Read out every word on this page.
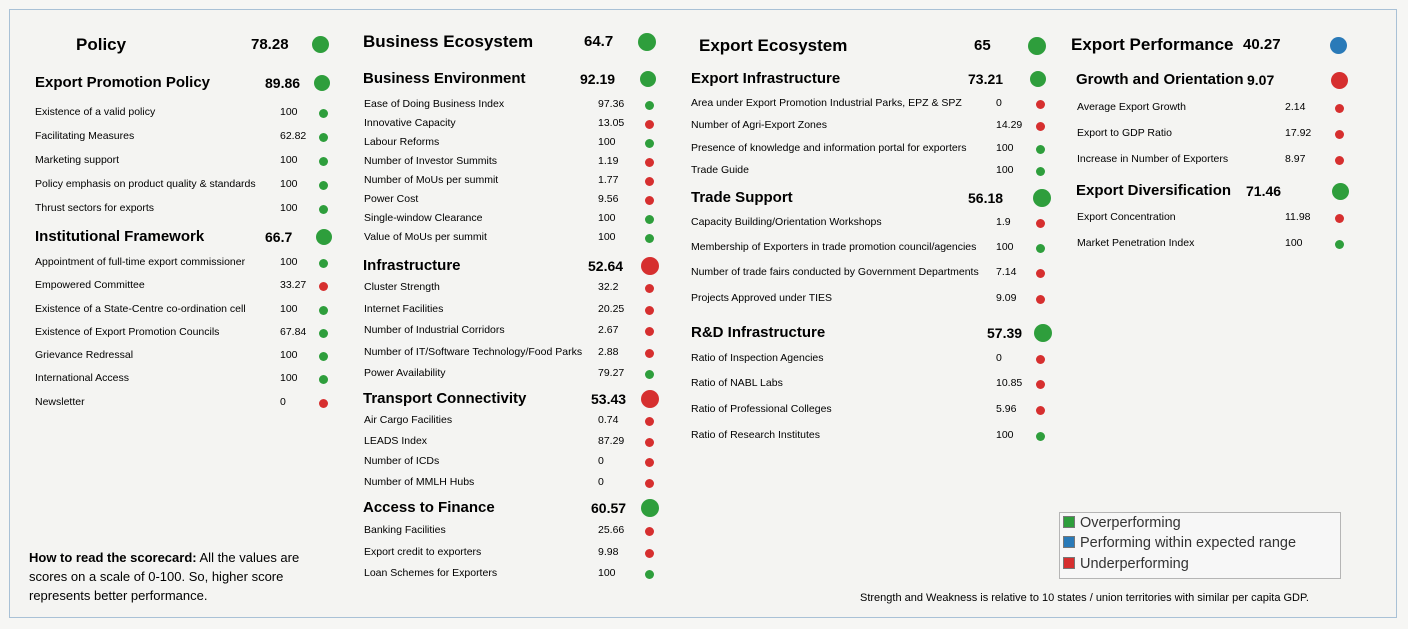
Policy	78.28
Export Promotion Policy	89.86
Existence of a valid policy	100
Facilitating Measures	62.82
Marketing support	100
Policy emphasis on product quality & standards 100
Thrust sectors for exports	100
Institutional Framework	66.7
Appointment of full-time export commissioner	100
Empowered Committee	33.27
Existence of a State-Centre co-ordination cell	100
Existence of Export Promotion Councils	67.84
Grievance Redressal	100
International Access	100
Newsletter	0
Business Ecosystem	64.7
Business Environment	92.19
Ease of Doing Business Index	97.36
Innovative Capacity	13.05
Labour Reforms	100
Number of Investor Summits	1.19
Number of MoUs per summit	1.77
Power Cost	9.56
Single-window Clearance	100
Value of MoUs per summit	100
Infrastructure	52.64
Cluster Strength	32.2
Internet Facilities	20.25
Number of Industrial Corridors	2.67
Number of IT/Software Technology/Food Parks 2.88
Power Availability	79.27
Transport Connectivity	53.43
Air Cargo Facilities	0.74
LEADS Index	87.29
Number of ICDs	0
Number of MMLH Hubs	0
Access to Finance	60.57
Banking Facilities	25.66
Export credit to exporters	9.98
Loan Schemes for Exporters	100
Export Ecosystem	65
Export Infrastructure	73.21
Area under Export Promotion Industrial Parks, EPZ & SPZ	0
Number of Agri-Export Zones	14.29
Presence of knowledge and information portal for exporters	100
Trade Guide	100
Trade Support	56.18
Capacity Building/Orientation Workshops	1.9
Membership of Exporters in trade promotion council/agencies 100
Number of trade fairs conducted by Government Departments 7.14
Projects Approved under TIES	9.09
R&D Infrastructure	57.39
Ratio of Inspection Agencies	0
Ratio of NABL Labs	10.85
Ratio of Professional Colleges	5.96
Ratio of Research Institutes	100
Export Performance 40.27
Growth and Orientation 9.07
Average Export Growth	2.14
Export to GDP Ratio	17.92
Increase in Number of Exporters	8.97
Export Diversification 71.46
Export Concentration	11.98
Market Penetration Index	100
Overperforming
Performing within expected range
Underperforming
How to read the scorecard: All the values are scores on a scale of 0-100. So, higher score represents better performance.	Strength and Weakness is relative to 10 states / union territories with similar per capita GDP.
